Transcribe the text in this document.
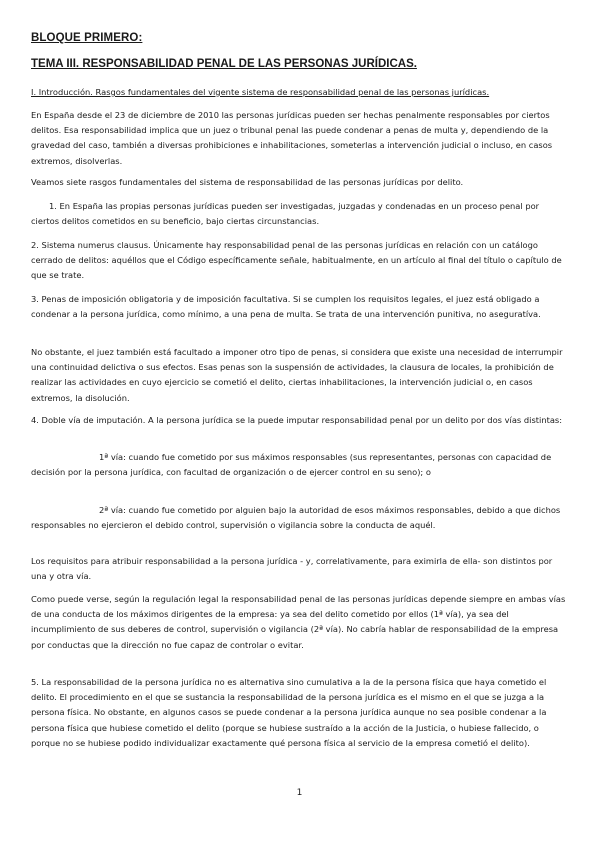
BLOQUE PRIMERO:

TEMA III. RESPONSABILIDAD PENAL DE LAS PERSONAS JURÍDICAS.

I. Introducción. Rasgos fundamentales del vigente sistema de responsabilidad penal de las personas jurídicas.

En España desde el 23 de diciembre de 2010 las personas jurídicas pueden ser hechas penalmente responsables por ciertos delitos. Esa responsabilidad implica que un juez o tribunal penal las puede condenar a penas de multa y, dependiendo de la gravedad del caso, también a diversas prohibiciones e inhabilitaciones, someterlas a intervención judicial o incluso, en casos extremos, disolverlas.

Veamos siete rasgos fundamentales del sistema de responsabilidad de las personas jurídicas por delito.

1. En España las propias personas jurídicas pueden ser investigadas, juzgadas y condenadas en un proceso penal por ciertos delitos cometidos en su beneficio, bajo ciertas circunstancias.

2. Sistema numerus clausus. Únicamente hay responsabilidad penal de las personas jurídicas en relación con un catálogo cerrado de delitos: aquéllos que el Código específicamente señale, habitualmente, en un artículo al final del título o capítulo de que se trate.

3. Penas de imposición obligatoria y de imposición facultativa. Si se cumplen los requisitos legales, el juez está obligado a condenar a la persona jurídica, como mínimo, a una pena de multa. Se trata de una intervención punitiva, no aseguratíva.

No obstante, el juez también está facultado a imponer otro tipo de penas, si considera que existe una necesidad de interrumpir una continuidad delictiva o sus efectos. Esas penas son la suspensión de actividades, la clausura de locales, la prohibición de realizar las actividades en cuyo ejercicio se cometió el delito, ciertas inhabilitaciones, la intervención judicial o, en casos extremos, la disolución.

4. Doble vía de imputación. A la persona jurídica se la puede imputar responsabilidad penal por un delito por dos vías distintas:

1ª vía: cuando fue cometido por sus máximos responsables (sus representantes, personas con capacidad de decisión por la persona jurídica, con facultad de organización o de ejercer control en su seno); o

2ª vía: cuando fue cometido por alguien bajo la autoridad de esos máximos responsables, debido a que dichos responsables no ejercieron el debido control, supervisión o vigilancia sobre la conducta de aquél.

Los requisitos para atribuir responsabilidad a la persona jurídica - y, correlativamente, para eximirla de ella- son distintos por una y otra vía.

Como puede verse, según la regulación legal la responsabilidad penal de las personas jurídicas depende siempre en ambas vías de una conducta de los máximos dirigentes de la empresa: ya sea del delito cometido por ellos (1ª vía), ya sea del incumplimiento de sus deberes de control, supervisión o vigilancia (2ª vía). No cabría hablar de responsabilidad de la empresa por conductas que la dirección no fue capaz de controlar o evitar.

5. La responsabilidad de la persona jurídica no es alternativa sino cumulativa a la de la persona física que haya cometido el delito. El procedimiento en el que se sustancia la responsabilidad de la persona jurídica es el mismo en el que se juzga a la persona física. No obstante, en algunos casos se puede condenar a la persona jurídica aunque no sea posible condenar a la persona física que hubiese cometido el delito (porque se hubiese sustraído a la acción de la Justicia, o hubiese fallecido, o porque no se hubiese podido individualizar exactamente qué persona física al servicio de la empresa cometió el delito).

1
